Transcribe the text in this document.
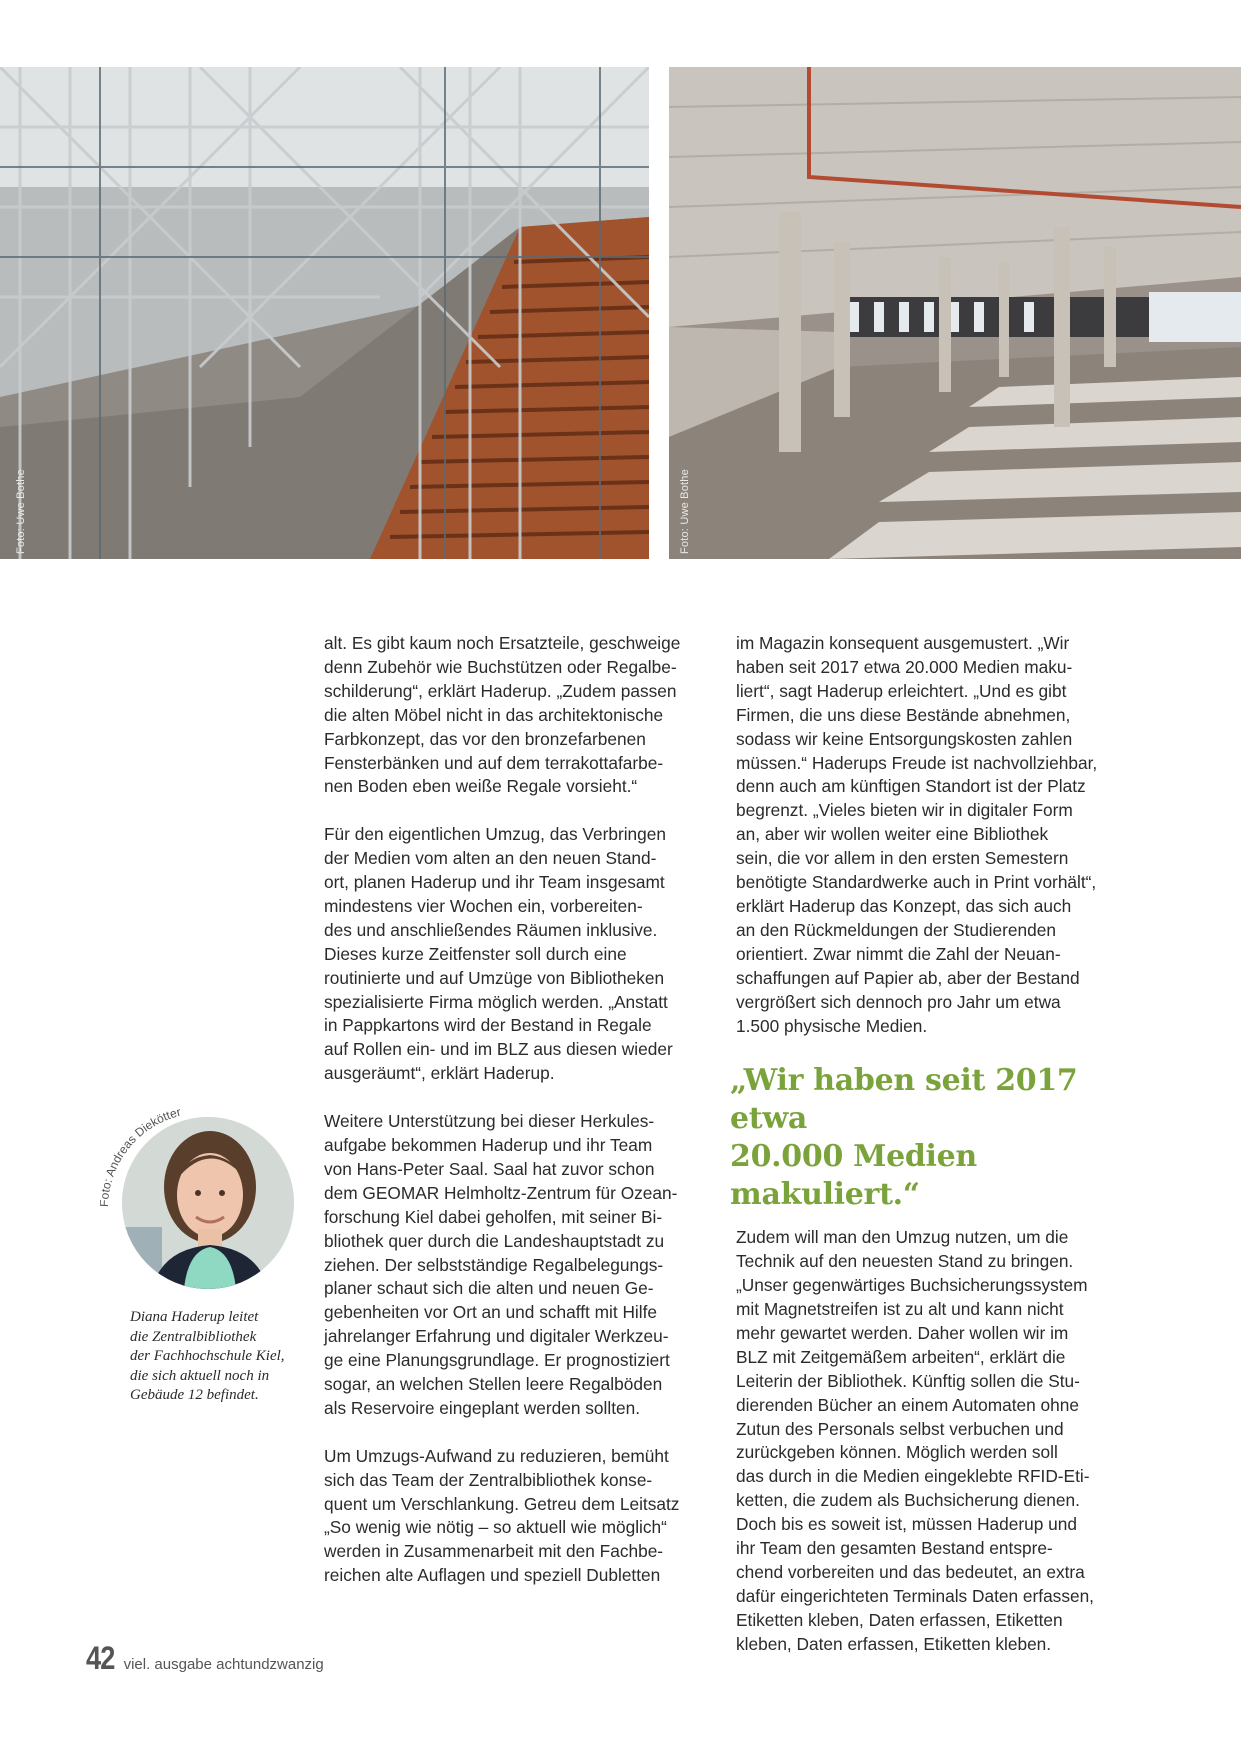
Foto: Uwe Bothe	Foto: Uwe Bothe
o: Andreas Diekötter
Diana Haderup leitet
die Zentralbibliothek
der Fachhochschule Kiel,
die sich aktuell noch in
Gebäude 12 befindet.

alt. Es gibt kaum noch Ersatzteile, geschweige
denn Zubehör wie Buchstützen oder Regalbe-
schilderung“, erklärt Haderup. „Zudem passen
die alten Möbel nicht in das architektonische
Farbkonzept, das vor den bronzefarbenen
Fensterbänken und auf dem terrakottafarbe-
nen Boden eben weiße Regale vorsieht.“

Für den eigentlichen Umzug, das Verbringen
der Medien vom alten an den neuen Stand-
ort, planen Haderup und ihr Team insgesamt
mindestens vier Wochen ein, vorbereiten-
des und anschließendes Räumen inklusive.
Dieses kurze Zeitfenster soll durch eine
routinierte und auf Umzüge von Bibliotheken
spezialisierte Firma möglich werden. „Anstatt
in Pappkartons wird der Bestand in Regale
auf Rollen ein- und im BLZ aus diesen wieder
ausgeräumt“, erklärt Haderup.

Weitere Unterstützung bei dieser Herkules-
aufgabe bekommen Haderup und ihr Team
von Hans-Peter Saal. Saal hat zuvor schon
dem GEOMAR Helmholtz-Zentrum für Ozean-
forschung Kiel dabei geholfen, mit seiner Bi-
bliothek quer durch die Landeshauptstadt zu
ziehen. Der selbstständige Regalbelegungs-
planer schaut sich die alten und neuen Ge-
gebenheiten vor Ort an und schafft mit Hilfe
jahrelanger Erfahrung und digitaler Werkzeu-
ge eine Planungsgrundlage. Er prognostiziert
sogar, an welchen Stellen leere Regalböden
als Reservoire eingeplant werden sollten.

Um Umzugs-Aufwand zu reduzieren, bemüht
sich das Team der Zentralbibliothek konse-
quent um Verschlankung. Getreu dem Leitsatz
„So wenig wie nötig – so aktuell wie möglich“
werden in Zusammenarbeit mit den Fachbe-
reichen alte Auflagen und speziell Dubletten

im Magazin konsequent ausgemustert. „Wir
haben seit 2017 etwa 20.000 Medien maku-
liert“, sagt Haderup erleichtert. „Und es gibt
Firmen, die uns diese Bestände abnehmen,
sodass wir keine Entsorgungskosten zahlen
müssen.“ Haderups Freude ist nachvollziehbar,
denn auch am künftigen Standort ist der Platz
begrenzt. „Vieles bieten wir in digitaler Form
an, aber wir wollen weiter eine Bibliothek
sein, die vor allem in den ersten Semestern
benötigte Standardwerke auch in Print vorhält“,
erklärt Haderup das Konzept, das sich auch
an den Rückmeldungen der Studierenden
orientiert. Zwar nimmt die Zahl der Neuan-
schaffungen auf Papier ab, aber der Bestand
vergrößert sich dennoch pro Jahr um etwa
1.500 physische Medien.

„Wir haben seit 2017 etwa
20.000 Medien makuliert.“

Zudem will man den Umzug nutzen, um die
Technik auf den neuesten Stand zu bringen.
„Unser gegenwärtiges Buchsicherungssystem
mit Magnetstreifen ist zu alt und kann nicht
mehr gewartet werden. Daher wollen wir im
BLZ mit Zeitgemäßem arbeiten“, erklärt die
Leiterin der Bibliothek. Künftig sollen die Stu-
dierenden Bücher an einem Automaten ohne
Zutun des Personals selbst verbuchen und
zurückgeben können. Möglich werden soll
das durch in die Medien eingeklebte RFID-Eti-
ketten, die zudem als Buchsicherung dienen.
Doch bis es soweit ist, müssen Haderup und
ihr Team den gesamten Bestand entspre-
chend vorbereiten und das bedeutet, an extra
dafür eingerichteten Terminals Daten erfassen,
Etiketten kleben, Daten erfassen, Etiketten
kleben, Daten erfassen, Etiketten kleben.

42 viel. ausgabe achtundzwanzig
